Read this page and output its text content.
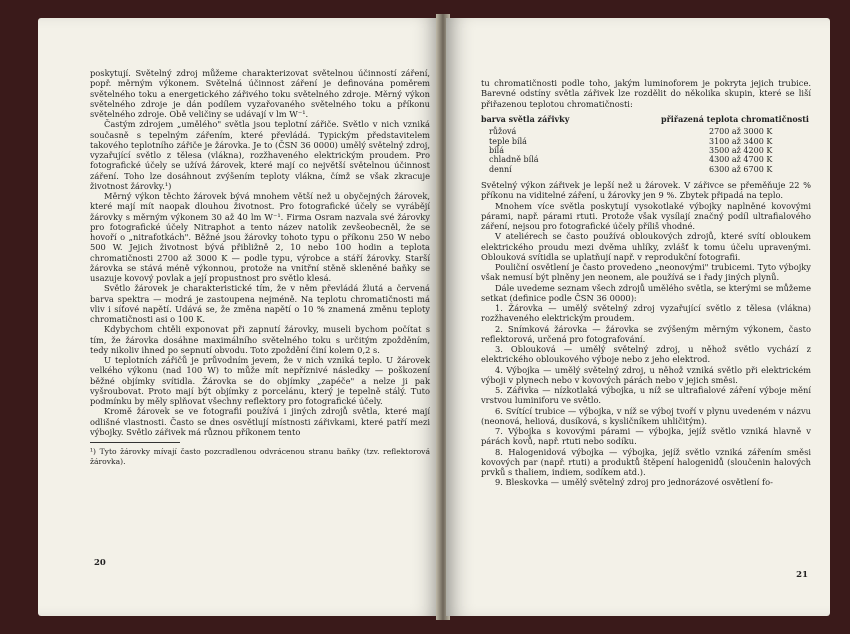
poskytují. Světelný zdroj můžeme charakterizovat světelnou účinností záření, popř. měrným výkonem. Světelná účinnost záření je definována poměrem světelného toku a energetického zářivého toku světelného zdroje. Měrný výkon světelného zdroje je dán podílem vyzařovaného světelného toku a příkonu světelného zdroje. Obě veličiny se udávají v lm W⁻¹.

Častým zdrojem „umělého" světla jsou teplotní zářiče. Světlo v nich vzniká současně s tepelným zářením, které převládá. Typickým představitelem takového teplotního zářiče je žárovka. Je to (ČSN 36 0000) umělý světelný zdroj, vyzařující světlo z tělesa (vlákna), rozžhaveného elektrickým proudem. Pro fotografické účely se užívá žárovek, které mají co největší světelnou účinnost záření. Toho lze dosáhnout zvýšením teploty vlákna, čímž se však zkracuje životnost žárovky.¹)

Měrný výkon těchto žárovek bývá mnohem větší než u obyčejných žárovek, které mají mít naopak dlouhou životnost. Pro fotografické účely se vyrábějí žárovky s měrným výkonem 30 až 40 lm W⁻¹. Firma Osram nazvala své žárovky pro fotografické účely Nitraphot a tento název natolik zevšeobecněl, že se hovoří o „nitrafotkách". Běžné jsou žárovky tohoto typu o příkonu 250 W nebo 500 W. Jejich životnost bývá přibližně 2, 10 nebo 100 hodin a teplota chromatičnosti 2700 až 3000 K — podle typu, výrobce a stáří žárovky. Starší žárovka se stává méně výkonnou, protože na vnitřní stěně skleněné baňky se usazuje kovový povlak a její propustnost pro světlo klesá.

Světlo žárovek je charakteristické tím, že v něm převládá žlutá a červená barva spektra — modrá je zastoupena nejméně. Na teplotu chromatičnosti má vliv i síťové napětí. Udává se, že změna napětí o 10 % znamená změnu teploty chromatičnosti asi o 100 K.

Kdybychom chtěli exponovat při zapnutí žárovky, museli bychom počítat s tím, že žárovka dosáhne maximálního světelného toku s určitým zpožděním, tedy nikoliv ihned po sepnutí obvodu. Toto zpoždění činí kolem 0,2 s.

U teplotních zářičů je průvodním jevem, že v nich vzniká teplo. U žárovek velkého výkonu (nad 100 W) to může mít nepříznivé následky — poškození běžné objímky svítidla. Žárovka se do objímky „zapéče" a nelze ji pak vyšroubovat. Proto mají být objímky z porcelánu, který je tepelně stálý. Tuto podmínku by měly splňovat všechny reflektory pro fotografické účely.

Kromě žárovek se ve fotografii používá i jiných zdrojů světla, které mají odlišné vlastnosti. Často se dnes osvětlují místnosti zářivkami, které patří mezi výbojky. Světlo zářivek má různou příkonem tento

¹) Tyto žárovky mívají často pozcradlenou odvrácenou stranu baňky (tzv. reflektorová žárovka).

20

tu chromatičnosti podle toho, jakým luminoforem je pokryta jejich trubice. Barevné odstíny světla zářivek lze rozdělit do několika skupin, které se liší přiřazenou teplotou chromatičnosti:

barva světla zářivky	přiřazená teplota chromatičnosti
růžová	2700 až 3000 K
teple bílá	3100 až 3400 K
bílá	3500 až 4200 K
chladně bílá	4300 až 4700 K
denní	6300 až 6700 K

Světelný výkon zářivek je lepší než u žárovek. V zářivce se přeměňuje 22 % příkonu na viditelné záření, u žárovky jen 9 %. Zbytek připadá na teplo.

Mnohem více světla poskytují vysokotlaké výbojky naplněné kovovými párami, např. párami rtuti. Protože však vysílají značný podíl ultrafialového záření, nejsou pro fotografické účely příliš vhodné.

V ateliérech se často používá obloukových zdrojů, které svítí obloukem elektrického proudu mezi dvěma uhlíky, zvlášť k tomu účelu upravenými. Oblouková svítidla se uplatňují např. v reprodukční fotografii.

Pouliční osvětlení je často provedeno „neonovými" trubicemi. Tyto výbojky však nemusí být plněny jen neonem, ale používá se i řady jiných plynů.

Dále uvedeme seznam všech zdrojů umělého světla, se kterými se můžeme setkat (definice podle ČSN 36 0000):

1. Žárovka — umělý světelný zdroj vyzařující světlo z tělesa (vlákna) rozžhaveného elektrickým proudem.

2. Snímková žárovka — žárovka se zvýšeným měrným výkonem, často reflektorová, určená pro fotografování.

3. Oblouková — umělý světelný zdroj, u něhož světlo vychází z elektrického obloukového výboje nebo z jeho elektrod.

4. Výbojka — umělý světelný zdroj, u něhož vzniká světlo při elektrickém výboji v plynech nebo v kovových párách nebo v jejich směsi.

5. Zářivka — nízkotlaká výbojka, u níž se ultrafialové záření výboje mění vrstvou luminiforu ve světlo.

6. Svítící trubice — výbojka, v níž se výboj tvoří v plynu uvedeném v názvu (neonová, heliová, dusíková, s kysličníkem uhličitým).

7. Výbojka s kovovými párami — výbojka, jejíž světlo vzniká hlavně v párách kovů, např. rtuti nebo sodíku.

8. Halogenidová výbojka — výbojka, jejíž světlo vzniká zářením směsi kovových par (např. rtuti) a produktů štěpení halogenidů (sloučenin halových prvků s thaliem, indiem, sodíkem atd.).

9. Bleskovka — umělý světelný zdroj pro jednorázové osvětlení fo-

21
